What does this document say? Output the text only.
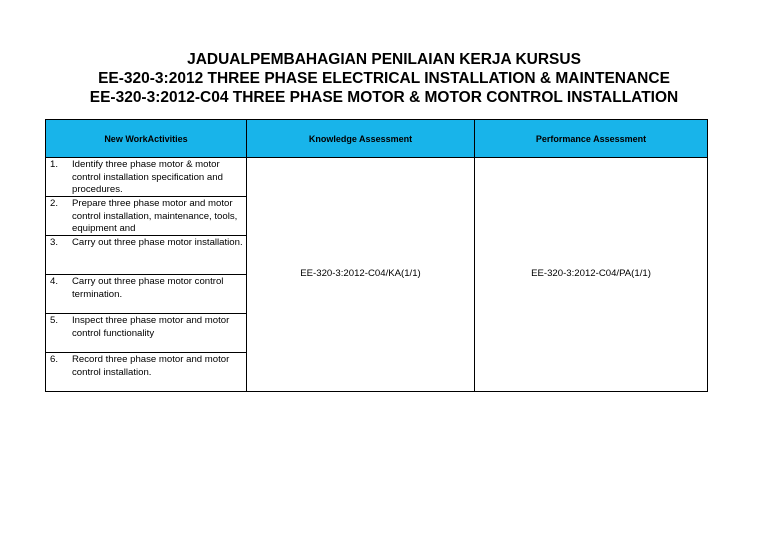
JADUALPEMBAHAGIAN PENILAIAN KERJA KURSUS
EE-320-3:2012 THREE PHASE ELECTRICAL INSTALLATION & MAINTENANCE
EE-320-3:2012-C04 THREE PHASE MOTOR & MOTOR CONTROL INSTALLATION
New WorkActivities	Knowledge Assessment	Performance Assessment

1. Identify three phase motor & motor control installation specification and procedures.	EE-320-3:2012-C04/KA(1/1)	EE-320-3:2012-C04/PA(1/1)

2. Prepare three phase motor and motor control installation, maintenance, tools, equipment and		

3. Carry out three phase motor installation.		

4. Carry out three phase motor control termination.		

5. Inspect three phase motor and motor control functionality		

6. Record three phase motor and motor control installation.		
